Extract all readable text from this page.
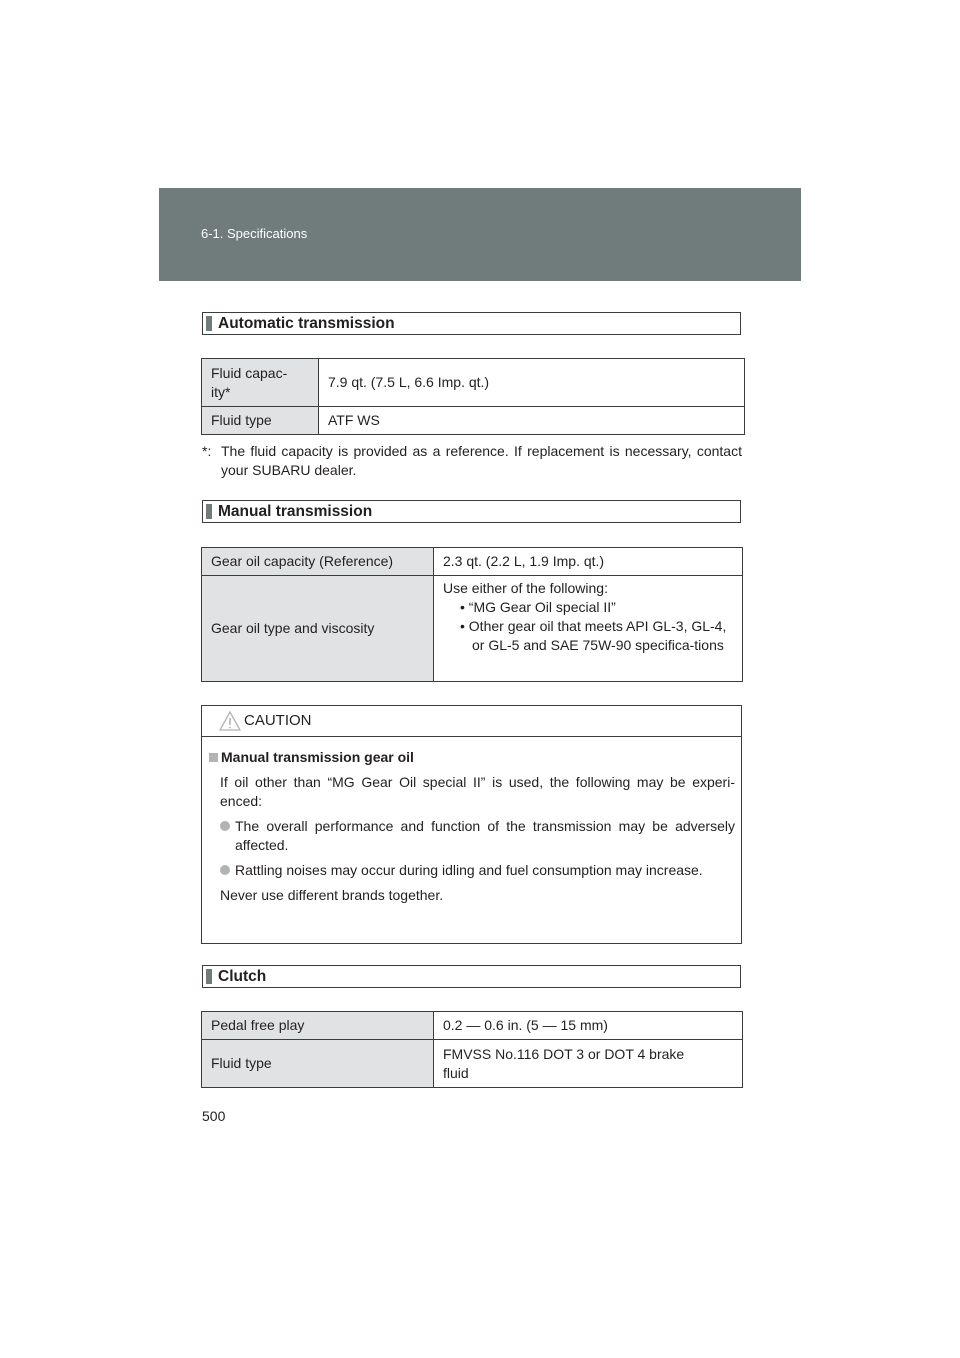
6-1. Specifications
Automatic transmission
Fluid capac-
ity*	7.9 qt. (7.5 L, 6.6 Imp. qt.)
Fluid type	ATF WS
*: The fluid capacity is provided as a reference. If replacement is necessary, contact your SUBARU dealer.
Manual transmission
Gear oil capacity (Reference)	2.3 qt. (2.2 L, 1.9 Imp. qt.)
Gear oil type and viscosity	Use either of the following:
• “MG Gear Oil special II”
• Other gear oil that meets API GL-3, GL-4, or GL-5 and SAE 75W-90 specifica-tions
CAUTION

Manual transmission gear oil

If oil other than “MG Gear Oil special II” is used, the following may be experi-enced:

The overall performance and function of the transmission may be adversely affected.

Rattling noises may occur during idling and fuel consumption may increase.

Never use different brands together.

Clutch
Pedal free play	0.2 — 0.6 in. (5 — 15 mm)
Fluid type	FMVSS No.116 DOT 3 or DOT 4 brake fluid
500
